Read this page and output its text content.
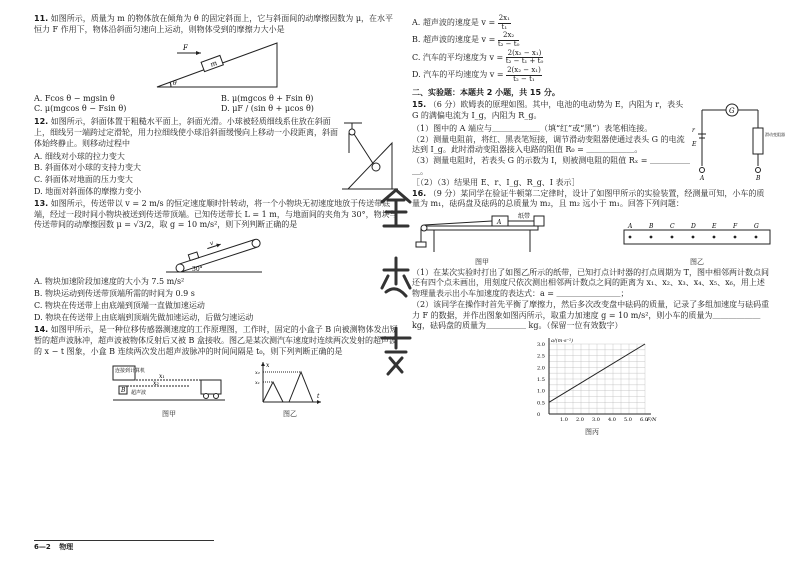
11. 如图所示，质量为 m 的物体放在倾角为 θ 的固定斜面上，它与斜面间的动摩擦因数为 μ，在水平恒力 F 作用下，物体沿斜面匀速向上运动，则物体受到的摩擦力大小是
m
F
θ
A. Fcos θ − mgsin θ	B. μ(mgcos θ + Fsin θ)
C. μ(mgcos θ − Fsin θ)	D. μF / (sin θ + μcos θ)
12. 如图所示，斜面体置于粗糙水平面上，斜面光滑。小球被轻质细线系住放在斜面上，细线另一端跨过定滑轮，用力拉细线使小球沿斜面缓慢向上移动一小段距离，斜面体始终静止。则移动过程中
A. 细线对小球的拉力变大
B. 斜面体对小球的支持力变大
C. 斜面体对地面的压力变大
D. 地面对斜面体的摩擦力变小
13. 如图所示，传送带以 v = 2 m/s 的恒定速度顺时针转动，将一个小物块无初速度地放于传送带底端，经过一段时间小物块被送到传送带顶端。已知传送带长 L = 1 m，与地面间的夹角为 30°，物块与传送带间的动摩擦因数 μ = √3/2，取 g = 10 m/s²，则下列判断正确的是
v
30°
A. 物块加速阶段加速度的大小为 7.5 m/s²
B. 物块运动到传送带顶端所需的时间为 0.9 s
C. 物块在传送带上由底端到顶端一直做加速运动
D. 物块在传送带上由底端到顶端先做加速运动，后做匀速运动
14. 如图甲所示，是一种位移传感器测速度的工作原理图，工作时，固定的小盒子 B 向被测物体发出短暂的超声波脉冲，超声波被物体反射后又被 B 盒接收。图乙是某次测汽车速度时连续两次发射的超声波的 x − t 图象，小盒 B 连续两次发出超声波脉冲的时间间隔是 t₀，则下列判断正确的是
连接到计算机
B 超声波
x₁
x₂
图甲
t
x
x₁
x₂
图乙
A. 超声波的速度是 $v = \frac{\text{2x₁}}{\text{t₁}}$
B. 超声波的速度是 $v = \frac{\text{2x₂}}{\text{t₂ − t₀}}$
C. 汽车的平均速度为 $v = \frac{\text{2(x₂ − x₁)}}{\text{t₂ − t₁ + t₀}}$
D. 汽车的平均速度为 $v = \frac{\text{2(x₂ − x₁)}}{\text{t₂ − t₁}}$
二、实验题：本题共 2 小题，共 15 分。
15. （6 分）欧姆表的原理如图。其中，电池的电动势为 E，内阻为 r，表头 G 的满偏电流为 I_g，内阻为 R_g。
（1）图中的 A 端应与＿＿＿＿＿＿（填“红”或“黑”）表笔相连接。
（2）测量电阻前，将红、黑表笔短接，调节滑动变阻器使通过表头 G 的电流达到 I_g。此时滑动变阻器接入电路的阻值 R₀ = ＿＿＿＿＿＿。
（3）测量电阻时，若表头 G 的示数为 I，则被测电阻的阻值 Rₓ = ＿＿＿＿＿＿。
［（2）（3）结果用 E、r、I_g、R_g、I 表示］
G
滑动变阻器
r
E
A	B
16. （9 分）某同学在验证牛顿第二定律时，设计了如图甲所示的实验装置，经测量可知，小车的质量为 m₁，砝码盘及砝码的总质量为 m₂，且 m₂ 远小于 m₁。回答下列问题：
A
纸带
图甲
A	B	C	D	E	F	G
图乙
（1）在某次实验时打出了如图乙所示的纸带，已知打点计时器的打点周期为 T，图中相邻两计数点间还有四个点未画出，用刻度尺依次测出相邻两计数点之间的距离为 x₁、x₂、x₃、x₄、x₅、x₆，用上述物理量表示出小车加速度的表达式：a = ＿＿＿＿＿＿＿＿；
（2）该同学在操作时首先平衡了摩擦力，然后多次改变盘中砝码的质量，记录了多组加速度与砝码重力 F 的数据，并作出图象如图丙所示，取重力加速度 g = 10 m/s²，则小车的质量为＿＿＿＿＿＿ kg，砝码盘的质量为＿＿＿＿＿ kg。（保留一位有效数字）
1.0 2.0 3.0 4.0 5.0 6.0
0
0.5
1.0
1.5
2.0
2.5
3.0
F/N
a/(m·s⁻²)
图丙
6—2 物理
